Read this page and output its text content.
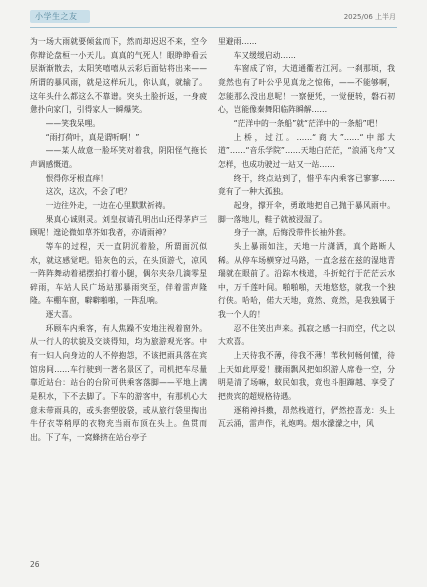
小学生之友	2025/06 上半月

为一场大雨就要倾盆而下，然而却迟迟不来，空今你辩论盘桓一小天儿。真真的气死人！眼睁睁看云层渐渐散去，太阳笑嘻嘻从云彩后面钻将出来——所谓的暴风雨，就是这样玩儿，你认真，就输了。这年头什么都这么不靠谱。突头土脸折返，一身疲惫扑向家门，引得家人一瞬爆笑。

——笑我呆哩。

“雨打荷叶，真是谓听啊！”

——某人故意一脸坏笑对着我，阴阳怪气拖长声调感慨道。

恨得你牙根直痒！

这次，这次，不会了吧？

一边往外走，一边在心里默默祈祷。

果真心诚则灵。刘皇叔请孔明出山还得茅庐三顾呢！遑论微如草芥如我者，亦请雨神？

等车的过程，天一直阴沉着脸，所谓面沉似水，就这感觉吧。铅灰色的云，在头顶游弋，凉风一阵阵舞动着裙摆拍打着小腿，偶尔夹杂几滴零星碎雨，车站人民广场站那暴雨突至，伴着雷声隆隆。车棚车窗，噼噼啪啪，一阵乱响。

逐大喜。

环顾车内乘客，有人焦躁不安地注视着窗外。从一行人的状貌及交谈得知，均为旅游观光客。中有一妇人向身边的人不停抱怨，不该把雨具落在宾馆房间……车行驶到一著名景区了，司机把车尽量靠近站台：站台的台阶可供乘客落脚——平地上满是积水，下不去脚了。下车的游客中，有那机心大意未带雨具的，或头套塑胶袋，或从旅行袋里掏出牛仔衣等稍厚的衣物充当雨布顶在头上。鱼贯而出。下了车，一窝蜂挤在站台亭子

里避雨……

车又缓缓启动……

车窗成了帘，大道通衢若江河。一刹那顷，我竟然也有了叶公乎见真龙之惊佈，——不能够啊，怎能那么没出息呢！一察便凭，一觉便转，磐石初心，岂能像秦舞阳临阵瞬解……

“茫洋中的一条船”就“茫洋中的一条船”吧！

上桥，过江。……“商大”……“中部大道”……“音乐学院”……天地白茫茫，“浪涌飞舟”又怎样，也成功驶过一站又一站……

终于，终点站到了，惜乎车内乘客已寥寥……竟有了一种大孤独。

起身，撑开伞，勇敢地把自己抛于暴风雨中。脚一落地儿，鞋子就被浸湿了。

身子一凛，后悔没带件长袖外套。

头上暴雨如注，天地一片潇洒，真个路断人稀。从停车场横穿过马路，一直念兹在兹的湿地青瑞就在眼前了。沿踪木栈道，斗折蛇行于茫茫云水中，万千莲叶间。啪啪啪，天地悠悠，就我一个独行侠。哈哈，偌大天地，竟然、竟然，是我独属于我一个人的！

忍不住笑出声来。孤寂之感一扫而空，代之以大欢喜。

上天待我不薄，待我不薄！苇秋何畅何懂，待上天如此厚爱！骤雨飘风把如织游人席卷一空，分明是清了场嘛，蚁民如我，竟也斗胆蹿越、享受了把贵宾的超规格待遇。

逐稍神抖擞，昂然栈道行，俨然控喜龙：头上瓦云涌，雷声作，礼炮鸣。烟水濛濛之中，风

26
